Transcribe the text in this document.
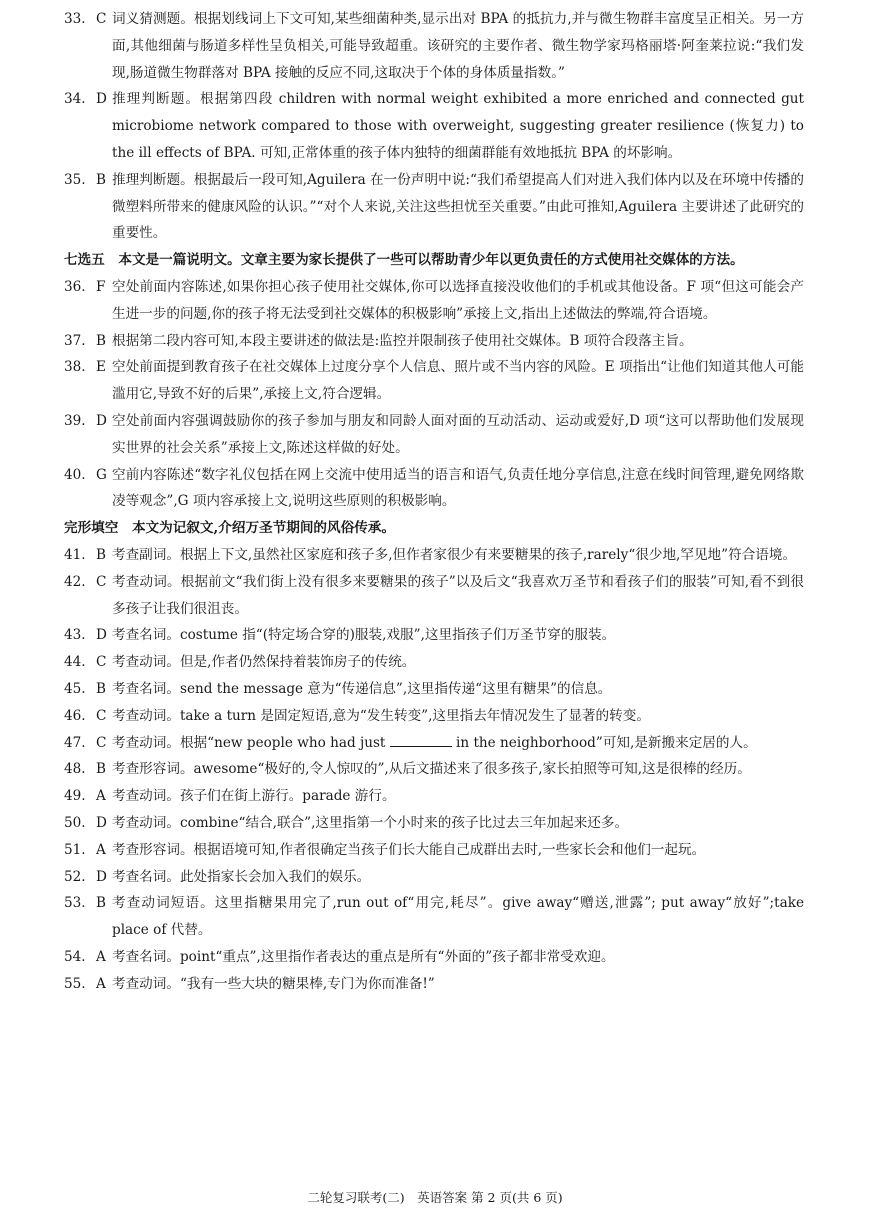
33. C 词义猜测题。根据划线词上下文可知,某些细菌种类,显示出对 BPA 的抵抗力,并与微生物群丰富度呈正相关。另一方面,其他细菌与肠道多样性呈负相关,可能导致超重。该研究的主要作者、微生物学家玛格丽塔·阿奎莱拉说:“我们发现,肠道微生物群落对 BPA 接触的反应不同,这取决于个体的身体质量指数。”

34. D 推理判断题。根据第四段 children with normal weight exhibited a more enriched and connected gut microbiome network compared to those with overweight, suggesting greater resilience (恢复力) to the ill effects of BPA. 可知,正常体重的孩子体内独特的细菌群能有效地抵抗 BPA 的坏影响。

35. B 推理判断题。根据最后一段可知,Aguilera 在一份声明中说:“我们希望提高人们对进入我们体内以及在环境中传播的微塑料所带来的健康风险的认识。”“对个人来说,关注这些担忧至关重要。”由此可推知,Aguilera 主要讲述了此研究的重要性。

七选五　本文是一篇说明文。文章主要为家长提供了一些可以帮助青少年以更负责任的方式使用社交媒体的方法。

36. F 空处前面内容陈述,如果你担心孩子使用社交媒体,你可以选择直接没收他们的手机或其他设备。F 项“但这可能会产生进一步的问题,你的孩子将无法受到社交媒体的积极影响”承接上文,指出上述做法的弊端,符合语境。

37. B 根据第二段内容可知,本段主要讲述的做法是:监控并限制孩子使用社交媒体。B 项符合段落主旨。

38. E 空处前面提到教育孩子在社交媒体上过度分享个人信息、照片或不当内容的风险。E 项指出“让他们知道其他人可能滥用它,导致不好的后果”,承接上文,符合逻辑。

39. D 空处前面内容强调鼓励你的孩子参加与朋友和同龄人面对面的互动活动、运动或爱好,D 项“这可以帮助他们发展现实世界的社会关系”承接上文,陈述这样做的好处。

40. G 空前内容陈述“数字礼仪包括在网上交流中使用适当的语言和语气,负责任地分享信息,注意在线时间管理,避免网络欺凌等观念”,G 项内容承接上文,说明这些原则的积极影响。

完形填空　本文为记叙文,介绍万圣节期间的风俗传承。

41. B 考查副词。根据上下文,虽然社区家庭和孩子多,但作者家很少有来要糖果的孩子,rarely“很少地,罕见地”符合语境。

42. C 考查动词。根据前文“我们街上没有很多来要糖果的孩子”以及后文“我喜欢万圣节和看孩子们的服装”可知,看不到很多孩子让我们很沮丧。

43. D 考查名词。costume 指“(特定场合穿的)服装,戏服”,这里指孩子们万圣节穿的服装。

44. C 考查动词。但是,作者仍然保持着装饰房子的传统。

45. B 考查名词。send the message 意为“传递信息”,这里指传递“这里有糖果”的信息。

46. C 考查动词。take a turn 是固定短语,意为“发生转变”,这里指去年情况发生了显著的转变。

47. C 考查动词。根据“new people who had just	in the neighborhood”可知,是新搬来定居的人。

48. B 考查形容词。awesome“极好的,令人惊叹的”,从后文描述来了很多孩子,家长拍照等可知,这是很棒的经历。

49. A 考查动词。孩子们在街上游行。parade 游行。

50. D 考查动词。combine“结合,联合”,这里指第一个小时来的孩子比过去三年加起来还多。

51. A 考查形容词。根据语境可知,作者很确定当孩子们长大能自己成群出去时,一些家长会和他们一起玩。

52. D 考查名词。此处指家长会加入我们的娱乐。

53. B 考查动词短语。这里指糖果用完了,run out of“用完,耗尽”。give away“赠送,泄露”; put away“放好”;take place of 代替。

54. A 考查名词。point“重点”,这里指作者表达的重点是所有“外面的”孩子都非常受欢迎。

55. A 考查动词。“我有一些大块的糖果棒,专门为你而准备!”

二轮复习联考(二)　英语答案 第 2 页(共 6 页)
